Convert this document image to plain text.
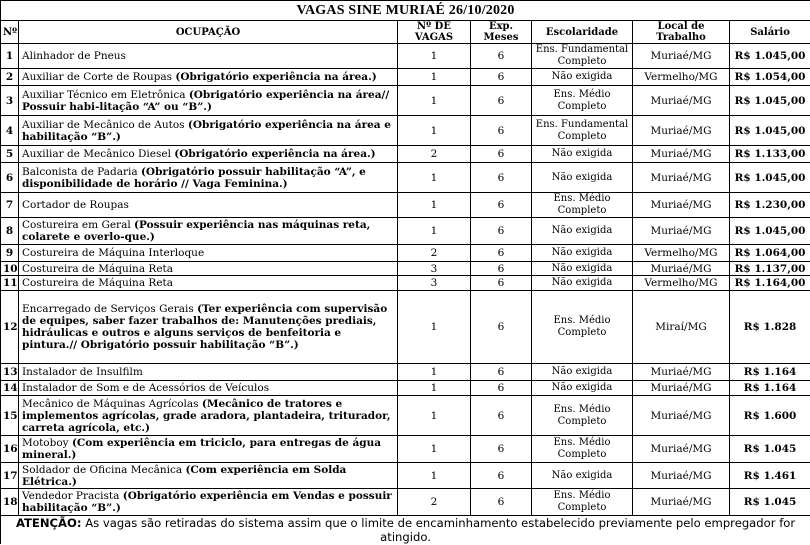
VAGAS SINE MURIAÉ 26/10/2020						
Nº	OCUPAÇÃO	Nº DE VAGAS	Exp. Meses	Escolaridade	Local de Trabalho	Salário
1	Alinhador de Pneus	1	6	Ens. Fundamental Completo	Muriaé/MG	R$ 1.045,00
2	Auxiliar de Corte de Roupas (Obrigatório experiência na área.)	1	6	Não exigida	Vermelho/MG	R$ 1.054,00
3	Auxiliar Técnico em Eletrônica (Obrigatório experiência na área// Possuir habi-litação “A” ou “B”.)	1	6	Ens. Médio Completo	Muriaé/MG	R$ 1.045,00
4	Auxiliar de Mecânico de Autos (Obrigatório experiência na área e habilitação “B”.)	1	6	Ens. Fundamental Completo	Muriaé/MG	R$ 1.045,00
5	Auxiliar de Mecânico Diesel (Obrigatório experiência na área.)	2	6	Não exigida	Muriaé/MG	R$ 1.133,00
6	Balconista de Padaria (Obrigatório possuir habilitação “A”, e disponibilidade de horário // Vaga Feminina.)	1	6	Não exigida	Muriaé/MG	R$ 1.045,00
7	Cortador de Roupas	1	6	Ens. Médio Completo	Muriaé/MG	R$ 1.230,00
8	Costureira em Geral (Possuir experiência nas máquinas reta, colarete e overlo-que.)	1	6	Não exigida	Muriaé/MG	R$ 1.045,00
9	Costureira de Máquina Interloque	2	6	Não exigida	Vermelho/MG	R$ 1.064,00
10	Costureira de Máquina Reta	3	6	Não exigida	Muriaé/MG	R$ 1.137,00
11	Costureira de Máquina Reta	3	6	Não exigida	Vermelho/MG	R$ 1.164,00
12	Encarregado de Serviços Gerais (Ter experiência com supervisão de equipes, saber fazer trabalhos de: Manutenções prediais, hidráulicas e outros e alguns serviços de benfeitoria e pintura.// Obrigatório possuir habilitação “B”.)	1	6	Ens. Médio Completo	Miraí/MG	R$ 1.828
13	Instalador de Insulfilm	1	6	Não exigida	Muriaé/MG	R$ 1.164
14	Instalador de Som e de Acessórios de Veículos	1	6	Não exigida	Muriaé/MG	R$ 1.164
15	Mecânico de Máquinas Agrícolas (Mecânico de tratores e implementos agrícolas, grade aradora, plantadeira, triturador, carreta agrícola, etc.)	1	6	Ens. Médio Completo	Muriaé/MG	R$ 1.600
16	Motoboy (Com experiência em triciclo, para entregas de água mineral.)	1	6	Ens. Médio Completo	Muriaé/MG	R$ 1.045
17	Soldador de Oficina Mecânica (Com experiência em Solda Elétrica.)	1	6	Não exigida	Muriaé/MG	R$ 1.461
18	Vendedor Pracista (Obrigatório experiência em Vendas e possuir habilitação “B”.)	2	6	Ens. Médio Completo	Muriaé/MG	R$ 1.045
ATENÇÃO: As vagas são retiradas do sistema assim que o limite de encaminhamento estabelecido previamente pelo empregador for atingido.						
